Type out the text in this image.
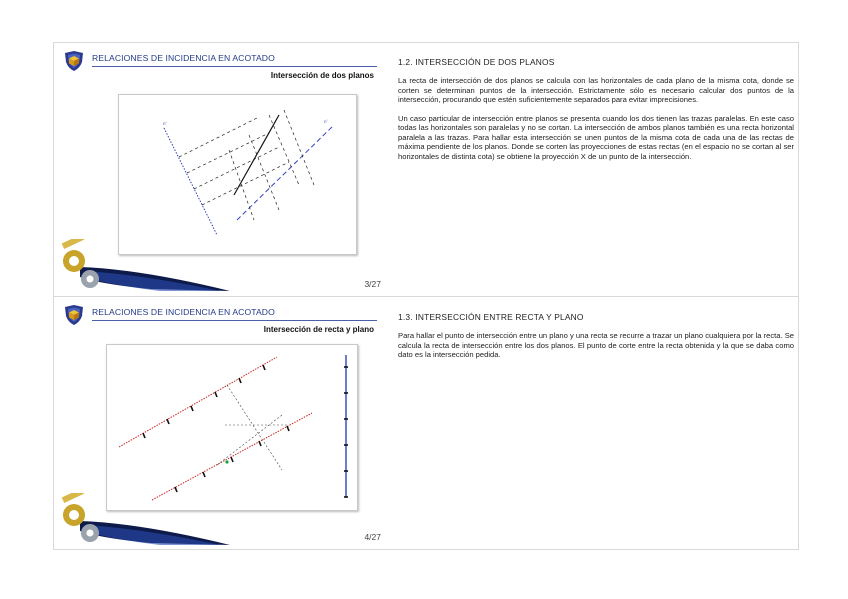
RELACIONES DE INCIDENCIA EN ACOTADO
Intersección de dos planos
n'	n'
3/27
RELACIONES DE INCIDENCIA EN ACOTADO
Intersección de recta y plano
4/27
1.2. INTERSECCIÓN DE DOS PLANOS

La recta de intersección de dos planos se calcula con las horizontales de cada plano de la misma cota, donde se corten se determinan puntos de la intersección. Estrictamente sólo es necesario calcular dos puntos de la intersección, procurando que estén suficientemente separados para evitar imprecisiones.

Un caso particular de intersección entre planos se presenta cuando los dos tienen las trazas paralelas. En este caso todas las horizontales son paralelas y no se cortan. La intersección de ambos planos también es una recta horizontal paralela a las trazas. Para hallar esta intersección se unen puntos de la misma cota de cada una de las rectas de máxima pendiente de los planos. Donde se corten las proyecciones de estas rectas (en el espacio no se cortan al ser horizontales de distinta cota) se obtiene la proyección X de un punto de la intersección.

1.3. INTERSECCIÓN ENTRE RECTA Y PLANO

Para hallar el punto de intersección entre un plano y una recta se recurre a trazar un plano cualquiera por la recta. Se calcula la recta de intersección entre los dos planos. El punto de corte entre la recta obtenida y la que se daba como dato es la intersección pedida.
